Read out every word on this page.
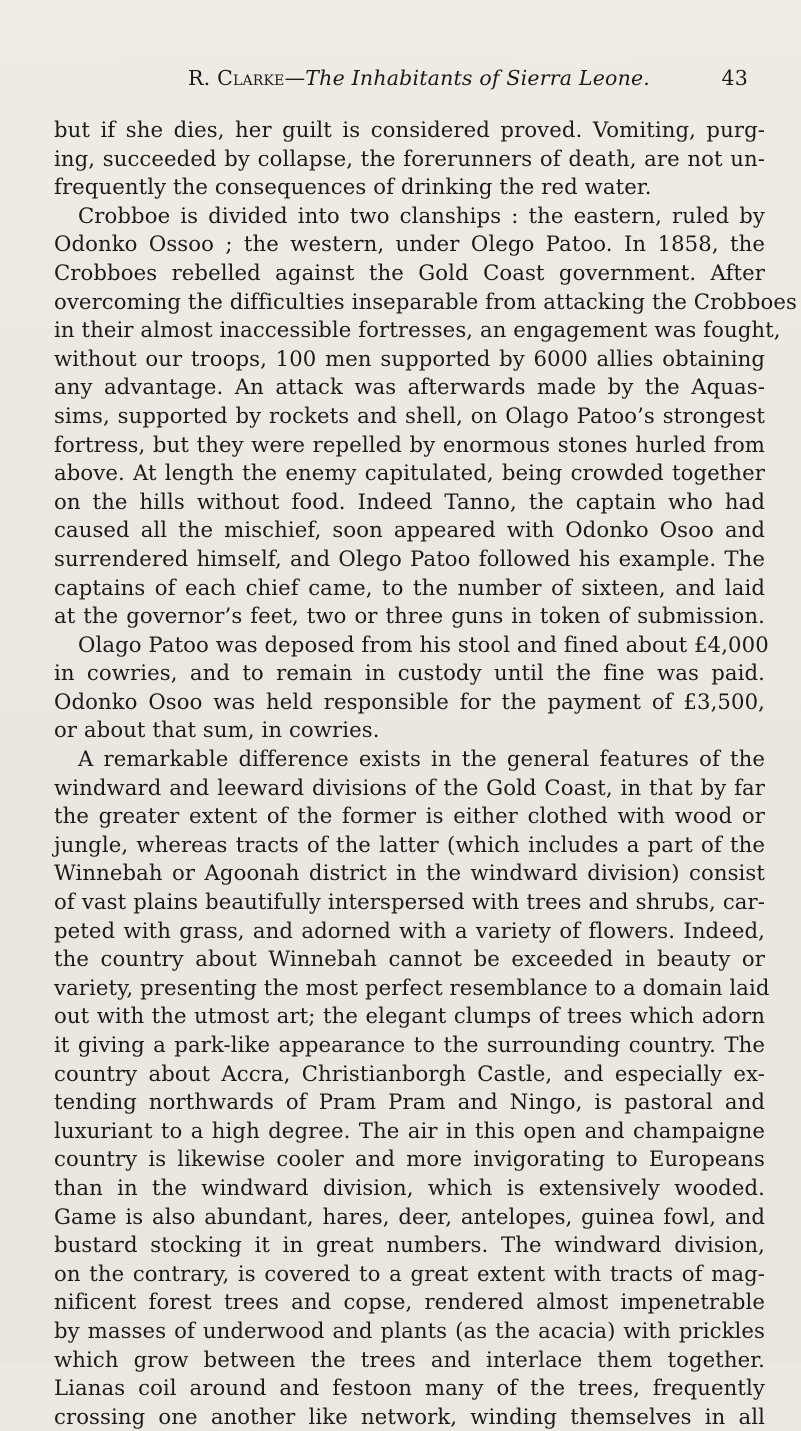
R. Clarke—The Inhabitants of Sierra Leone.	43
but if she dies, her guilt is considered proved. Vomiting, purg-
ing, succeeded by collapse, the forerunners of death, are not un-
frequently the consequences of drinking the red water.
Crobboe is divided into two clanships : the eastern, ruled by
Odonko Ossoo ; the western, under Olego Patoo. In 1858, the
Crobboes rebelled against the Gold Coast government. After
overcoming the difficulties inseparable from attacking the Crobboes
in their almost inaccessible fortresses, an engagement was fought,
without our troops, 100 men supported by 6000 allies obtaining
any advantage. An attack was afterwards made by the Aquas-
sims, supported by rockets and shell, on Olago Patoo’s strongest
fortress, but they were repelled by enormous stones hurled from
above. At length the enemy capitulated, being crowded together
on the hills without food. Indeed Tanno, the captain who had
caused all the mischief, soon appeared with Odonko Osoo and
surrendered himself, and Olego Patoo followed his example. The
captains of each chief came, to the number of sixteen, and laid
at the governor’s feet, two or three guns in token of submission.
Olago Patoo was deposed from his stool and fined about £4,000
in cowries, and to remain in custody until the fine was paid.
Odonko Osoo was held responsible for the payment of £3,500,
or about that sum, in cowries.
A remarkable difference exists in the general features of the
windward and leeward divisions of the Gold Coast, in that by far
the greater extent of the former is either clothed with wood or
jungle, whereas tracts of the latter (which includes a part of the
Winnebah or Agoonah district in the windward division) consist
of vast plains beautifully interspersed with trees and shrubs, car-
peted with grass, and adorned with a variety of flowers. Indeed,
the country about Winnebah cannot be exceeded in beauty or
variety, presenting the most perfect resemblance to a domain laid
out with the utmost art; the elegant clumps of trees which adorn
it giving a park-like appearance to the surrounding country. The
country about Accra, Christianborgh Castle, and especially ex-
tending northwards of Pram Pram and Ningo, is pastoral and
luxuriant to a high degree. The air in this open and champaigne
country is likewise cooler and more invigorating to Europeans
than in the windward division, which is extensively wooded.
Game is also abundant, hares, deer, antelopes, guinea fowl, and
bustard stocking it in great numbers. The windward division,
on the contrary, is covered to a great extent with tracts of mag-
nificent forest trees and copse, rendered almost impenetrable
by masses of underwood and plants (as the acacia) with prickles
which grow between the trees and interlace them together.
Lianas coil around and festoon many of the trees, frequently
crossing one another like network, winding themselves in all
